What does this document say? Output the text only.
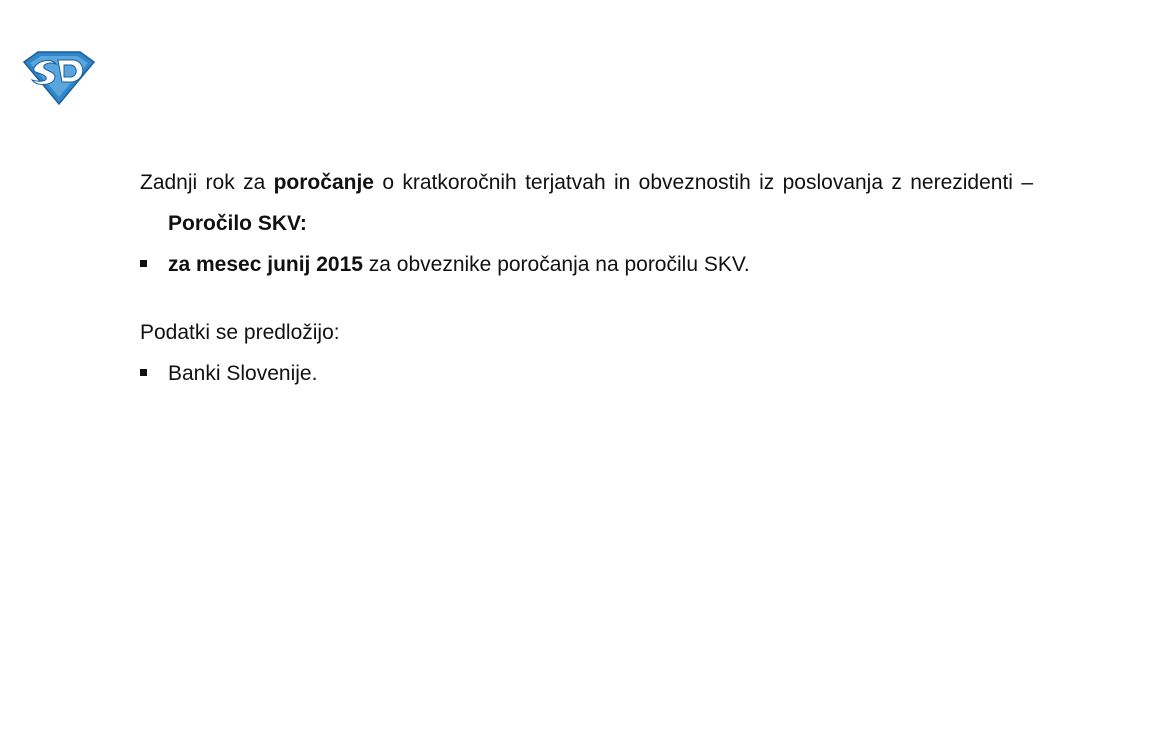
Zadnji rok za poročanje o kratkoročnih terjatvah in obveznostih iz poslovanja z nerezidenti – Poročilo SKV:

za mesec junij 2015 za obveznike poročanja na poročilu SKV.

Podatki se predložijo:

Banki Slovenije.
